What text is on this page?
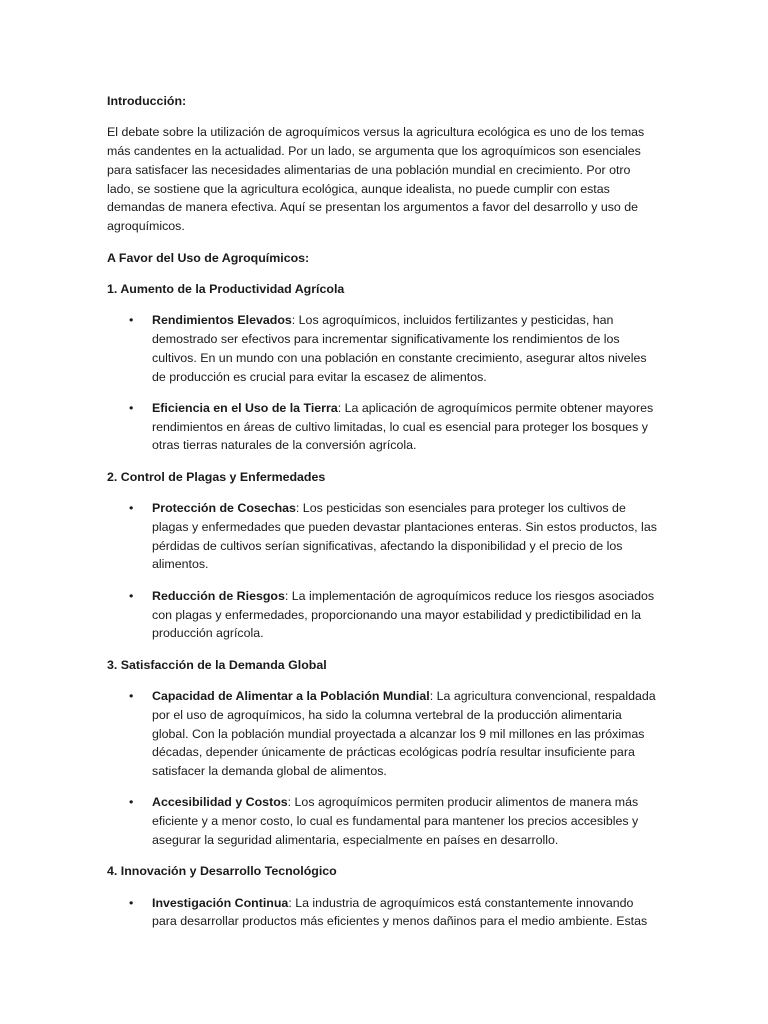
Introducción:
El debate sobre la utilización de agroquímicos versus la agricultura ecológica es uno de los temas más candentes en la actualidad. Por un lado, se argumenta que los agroquímicos son esenciales para satisfacer las necesidades alimentarias de una población mundial en crecimiento. Por otro lado, se sostiene que la agricultura ecológica, aunque idealista, no puede cumplir con estas demandas de manera efectiva. Aquí se presentan los argumentos a favor del desarrollo y uso de agroquímicos.
A Favor del Uso de Agroquímicos:
1. Aumento de la Productividad Agrícola
• Rendimientos Elevados: Los agroquímicos, incluidos fertilizantes y pesticidas, han demostrado ser efectivos para incrementar significativamente los rendimientos de los cultivos. En un mundo con una población en constante crecimiento, asegurar altos niveles de producción es crucial para evitar la escasez de alimentos.
• Eficiencia en el Uso de la Tierra: La aplicación de agroquímicos permite obtener mayores rendimientos en áreas de cultivo limitadas, lo cual es esencial para proteger los bosques y otras tierras naturales de la conversión agrícola.
2. Control de Plagas y Enfermedades
• Protección de Cosechas: Los pesticidas son esenciales para proteger los cultivos de plagas y enfermedades que pueden devastar plantaciones enteras. Sin estos productos, las pérdidas de cultivos serían significativas, afectando la disponibilidad y el precio de los alimentos.
• Reducción de Riesgos: La implementación de agroquímicos reduce los riesgos asociados con plagas y enfermedades, proporcionando una mayor estabilidad y predictibilidad en la producción agrícola.
3. Satisfacción de la Demanda Global
• Capacidad de Alimentar a la Población Mundial: La agricultura convencional, respaldada por el uso de agroquímicos, ha sido la columna vertebral de la producción alimentaria global. Con la población mundial proyectada a alcanzar los 9 mil millones en las próximas décadas, depender únicamente de prácticas ecológicas podría resultar insuficiente para satisfacer la demanda global de alimentos.
• Accesibilidad y Costos: Los agroquímicos permiten producir alimentos de manera más eficiente y a menor costo, lo cual es fundamental para mantener los precios accesibles y asegurar la seguridad alimentaria, especialmente en países en desarrollo.
4. Innovación y Desarrollo Tecnológico
• Investigación Continua: La industria de agroquímicos está constantemente innovando para desarrollar productos más eficientes y menos dañinos para el medio ambiente. Estas
